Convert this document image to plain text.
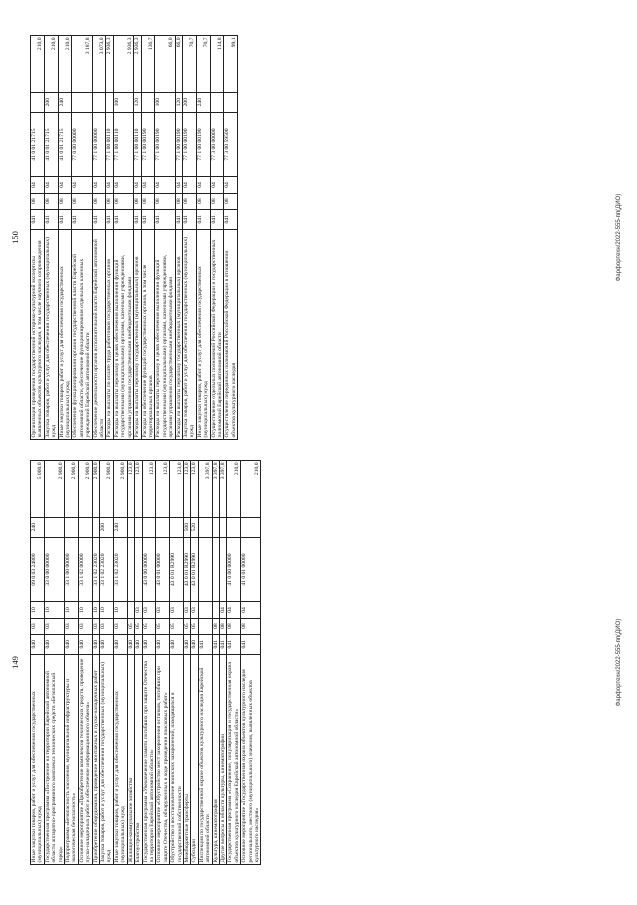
149
Иные закупки товаров, работ и услуг для обеспечения государственных (муниципальных) нужд	040	03	10	09 0 03 24800	240	5 000,0
Государственная программа «Построение на территории Еврейской автономной области аппаратно-программного комплекса технических средств «Безопасный город»	040	03	10	33 0 00 00000		2 900,0
Подпрограмма «Безопасность населения, муниципальной инфраструктуры и экологическая безопасность»	040	03	10	33 1 00 00000		2 900,0
Основное мероприятие «Приобретение комплексов технических средств, проведение пуско-наладочных работ и обеспечение информационного обмена»	040	03	10	33 1 02 00000		2 900,0
Приобретение оборудования, проведение монтажных и пуско-наладочных работ	040	03	10	33 1 02 23020		2 900,0
Закупка товаров, работ и услуг для обеспечения государственных (муниципальных) нужд	040	03	10	33 1 02 23020	200	2 900,0
Иные закупки товаров, работ и услуг для обеспечения государственных (муниципальных) нужд	040	03	10	33 1 02 23020	240	2 900,0
Жилищно-коммунальное хозяйство	040	05				123,0
Благоустройство	040	05	03			123,0
Государственная программа «Увековечение памяти погибших при защите Отечества на территории Еврейской автономной области»	040	05	03	43 0 00 00000		123,0
Основное мероприятие «Обустройство мест захоронения останков, погибших при защите Отечества, обнаруженных в ходе проведения поисковых работ»	040	05	03	43 0 01 00000		123,0
Обустройство и восстановление воинских захоронений, находящихся в государственной собственности	040	05	03	43 0 01 R2990		123,0
Межбюджетные трансферты	040	05	03	43 0 01 R2990	500	123,0
Субсидии	040	05	03	43 0 01 R2990	520	123,0
Инспекция по государственной охране объектов культурного наследия Еврейской автономной области	041					3 397,8
Культура, кинематография	041	08				3 397,8
Другие вопросы в области культуры, кинематографии	041	08	04			3 397,8
Государственная программа «Сохранение, популяризация и государственная охрана объектов культурного наследия Еврейской автономной области»	041	08	04	41 0 00 00000		210,0
Основное мероприятие «Государственная охрана объектов культурного наследия регионального, местного (муниципального) значения, выявленных объектов культурного наследия»	041	08	04	41 0 01 00000		210,0
Фарфортехн/2022-555-пп(ДИО)
150
Организация проведения государственной историко-культурной экспертизы выявленных объектов культурного наследия, в том числе научного сопровождения	041	08	04	41 0 01 21715		210,0
Закупка товаров, работ и услуг для обеспечения государственных (муниципальных) нужд	041	08	04	41 0 01 21715	200	210,0
Иные закупки товаров, работ и услуг для обеспечения государственных (муниципальных) нужд	041	08	04	41 0 01 21715	240	210,0
Обеспечение функционирования органов государственной власти Еврейской автономной области, обеспечение функционирования отдельных казенных учреждений Еврейской автономной области	041	08	04	77 0 00 00000		3 187,8
Обеспечение деятельности органов исполнительной власти Еврейской автономной области	041	08	04	77 1 00 00000		3 073,0
Расходы на выплаты по оплате труда работников государственных органов	041	08	04	77 1 00 00110		2 936,3
Расходы на выплаты персоналу в целях обеспечения выполнения функций государственными (муниципальными) органами, казенными учреждениями, органами управления государственными внебюджетными фондами	041	08	04	77 1 00 00110	100	2 936,3
Расходы на выплаты персоналу государственных (муниципальных) органов	041	08	04	77 1 00 00110	120	2 936,3
Расходы на обеспечение функций государственных органов, в том числе территориальных органов	041	08	04	77 1 00 00190		136,7
Расходы на выплаты персоналу в целях обеспечения выполнения функций государственными (муниципальными) органами, казенными учреждениями, органами управления государственными внебюджетными фондами	041	08	04	77 1 00 00190	100	66,0
Расходы на выплаты персоналу государственных (муниципальных) органов	041	08	04	77 1 00 00190	120	66,0
Закупка товаров, работ и услуг для обеспечения государственных (муниципальных) нужд	041	08	04	77 1 00 00190	200	70,7
Иные закупки товаров, работ и услуг для обеспечения государственных (муниципальных) нужд	041	08	04	77 1 00 00190	240	70,7
Осуществление отдельных полномочий Российской Федерации и государственных полномочий Еврейской автономной области	041	08	04	77 3 00 00000		114,8
Осуществление переданных полномочий Российской Федерации в отношении объектов культурного наследия	041	08	04	77 3 00 59500		99,1
Фарфортехн/2022-555-пп(ДИО)
